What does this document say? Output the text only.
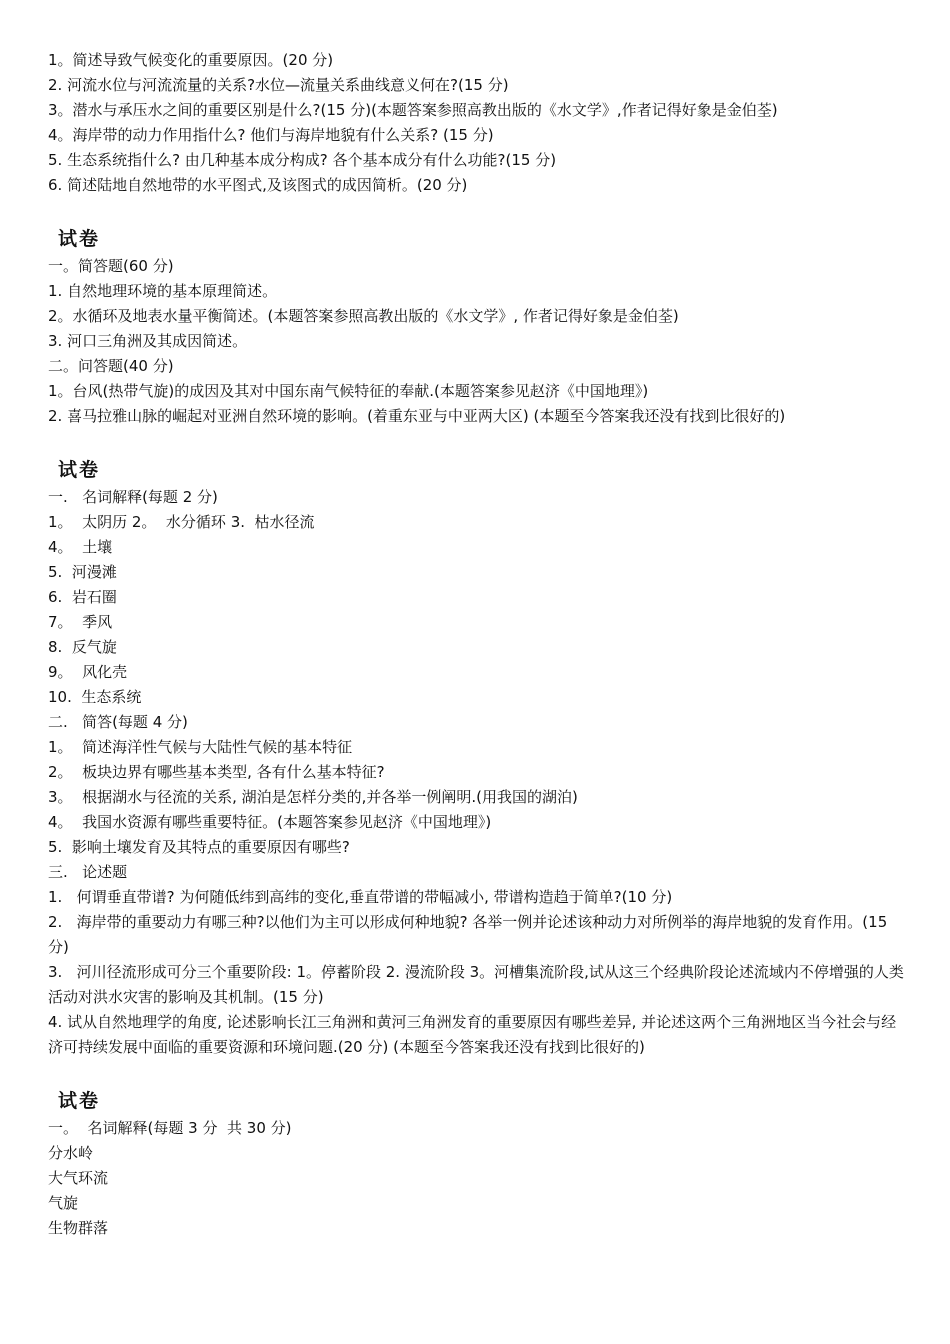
1。简述导致气候变化的重要原因。(20 分)

2. 河流水位与河流流量的关系?水位—流量关系曲线意义何在?(15 分)

3。潜水与承压水之间的重要区别是什么?(15 分)(本题答案参照高教出版的《水文学》,作者记得好象是金伯荃)

4。海岸带的动力作用指什么? 他们与海岸地貌有什么关系? (15 分)

5. 生态系统指什么? 由几种基本成分构成? 各个基本成分有什么功能?(15 分)

6. 简述陆地自然地带的水平图式,及该图式的成因简析。(20 分)

试卷

一。简答题(60 分)

1. 自然地理环境的基本原理简述。

2。水循环及地表水量平衡简述。(本题答案参照高教出版的《水文学》, 作者记得好象是金伯荃)

3. 河口三角洲及其成因简述。

二。问答题(40 分)

1。台风(热带气旋)的成因及其对中国东南气候特征的奉献.(本题答案参见赵济《中国地理》)

2. 喜马拉雅山脉的崛起对亚洲自然环境的影响。(着重东亚与中亚两大区) (本题至今答案我还没有找到比很好的)

试卷

一.   名词解释(每题 2 分)

1。  太阴历 2。  水分循环 3.  枯水径流

4。  土壤

5.  河漫滩

6.  岩石圈

7。  季风

8.  反气旋

9。  风化壳

10.  生态系统

二.   简答(每题 4 分)

1。  简述海洋性气候与大陆性气候的基本特征

2。  板块边界有哪些基本类型, 各有什么基本特征?

3。  根据湖水与径流的关系, 湖泊是怎样分类的,并各举一例阐明.(用我国的湖泊)

4。  我国水资源有哪些重要特征。(本题答案参见赵济《中国地理》)

5.  影响土壤发育及其特点的重要原因有哪些?

三.   论述题

1.   何谓垂直带谱? 为何随低纬到高纬的变化,垂直带谱的带幅减小, 带谱构造趋于简单?(10 分)

2.   海岸带的重要动力有哪三种?以他们为主可以形成何种地貌? 各举一例并论述该种动力对所例举的海岸地貌的发育作用。(15 分)

3.   河川径流形成可分三个重要阶段: 1。停蓄阶段 2. 漫流阶段 3。河槽集流阶段,试从这三个经典阶段论述流域内不停增强的人类活动对洪水灾害的影响及其机制。(15 分)

4. 试从自然地理学的角度, 论述影响长江三角洲和黄河三角洲发育的重要原因有哪些差异, 并论述这两个三角洲地区当今社会与经济可持续发展中面临的重要资源和环境问题.(20 分) (本题至今答案我还没有找到比很好的)

试卷

一。  名词解释(每题 3 分  共 30 分)

分水岭

大气环流

气旋

生物群落
